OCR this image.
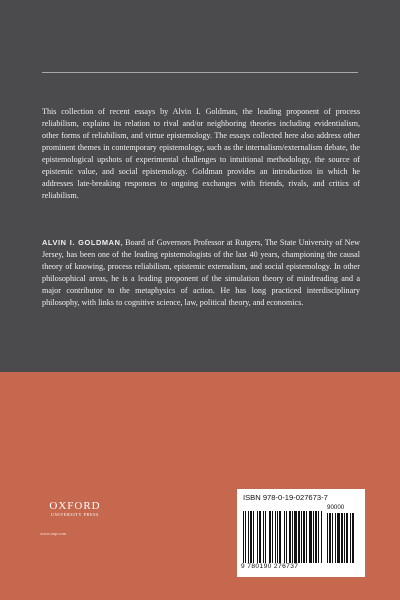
This collection of recent essays by Alvin I. Goldman, the leading proponent of process reliabilism, explains its relation to rival and/or neighboring theories including evidentialism, other forms of reliabilism, and virtue epistemology. The essays collected here also address other prominent themes in contemporary epistemology, such as the internalism/externalism debate, the epistemological upshots of experimental challenges to intuitional methodology, the source of epistemic value, and social epistemology. Goldman provides an introduction in which he addresses late-breaking responses to ongoing exchanges with friends, rivals, and critics of reliabilism.

ALVIN I. GOLDMAN, Board of Governors Professor at Rutgers, The State University of New Jersey, has been one of the leading epistemologists of the last 40 years, championing the causal theory of knowing, process reliabilism, epistemic externalism, and social epistemology. In other philosophical areas, he is a leading proponent of the simulation theory of mindreading and a major contributor to the metaphysics of action. He has long practiced interdisciplinary philosophy, with links to cognitive science, law, political theory, and economics.

OXFORD
UNIVERSITY PRESS

www.oup.com

ISBN 978-0-19-027673-7

90000

9 780190 276737
